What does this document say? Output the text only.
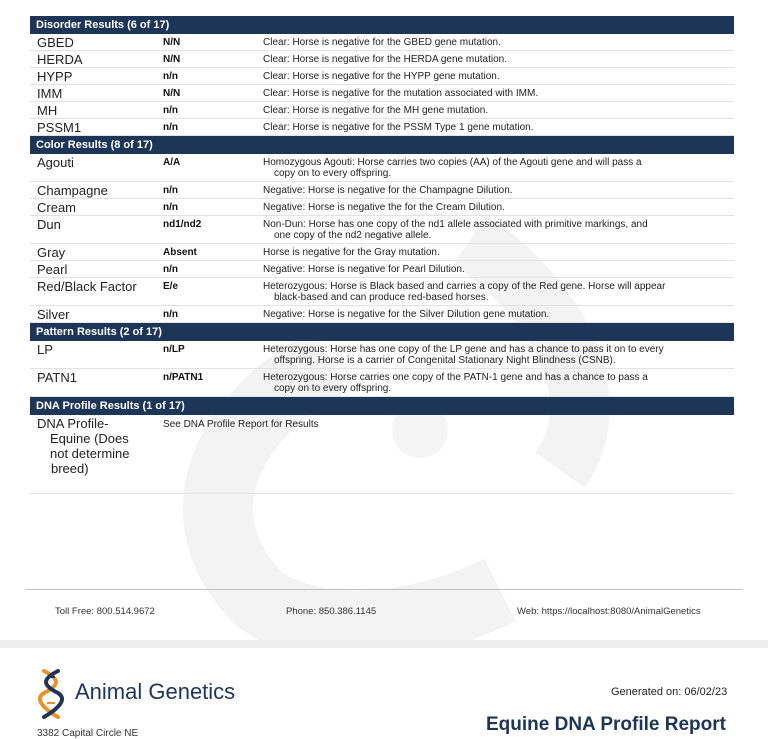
Disorder Results (6 of 17)
GBED	N/N	Clear: Horse is negative for the GBED gene mutation.
HERDA	N/N	Clear: Horse is negative for the HERDA gene mutation.
HYPP	n/n	Clear: Horse is negative for the HYPP gene mutation.
IMM	N/N	Clear: Horse is negative for the mutation associated with IMM.
MH	n/n	Clear: Horse is negative for the MH gene mutation.
PSSM1	n/n	Clear: Horse is negative for the PSSM Type 1 gene mutation.
Color Results (8 of 17)
Agouti	A/A	Homozygous Agouti: Horse carries two copies (AA) of the Agouti gene and will pass a
copy on to every offspring.
Champagne	n/n	Negative: Horse is negative for the Champagne Dilution.
Cream	n/n	Negative: Horse is negative the for the Cream Dilution.
Dun	nd1/nd2	Non-Dun: Horse has one copy of the nd1 allele associated with primitive markings, and
one copy of the nd2 negative allele.
Gray	Absent	Horse is negative for the Gray mutation.
Pearl	n/n	Negative: Horse is negative for Pearl Dilution.
Red/Black Factor	E/e	Heterozygous: Horse is Black based and carries a copy of the Red gene. Horse will appear
black-based and can produce red-based horses.
Silver	n/n	Negative: Horse is negative for the Silver Dilution gene mutation.
Pattern Results (2 of 17)
LP	n/LP	Heterozygous: Horse has one copy of the LP gene and has a chance to pass it on to every
offspring. Horse is a carrier of Congenital Stationary Night Blindness (CSNB).
PATN1	n/PATN1	Heterozygous: Horse carries one copy of the PATN-1 gene and has a chance to pass a
copy on to every offspring.
DNA Profile Results (1 of 17)
DNA Profile-
Equine (Does
not determine
breed)
See DNA Profile Report for Results
Toll Free: 800.514.9672	Phone: 850.386.1145	Web: https://localhost:8080/AnimalGenetics
Animal Genetics	Generated on: 06/02/23
Equine DNA Profile Report
3382 Capital Circle NE
